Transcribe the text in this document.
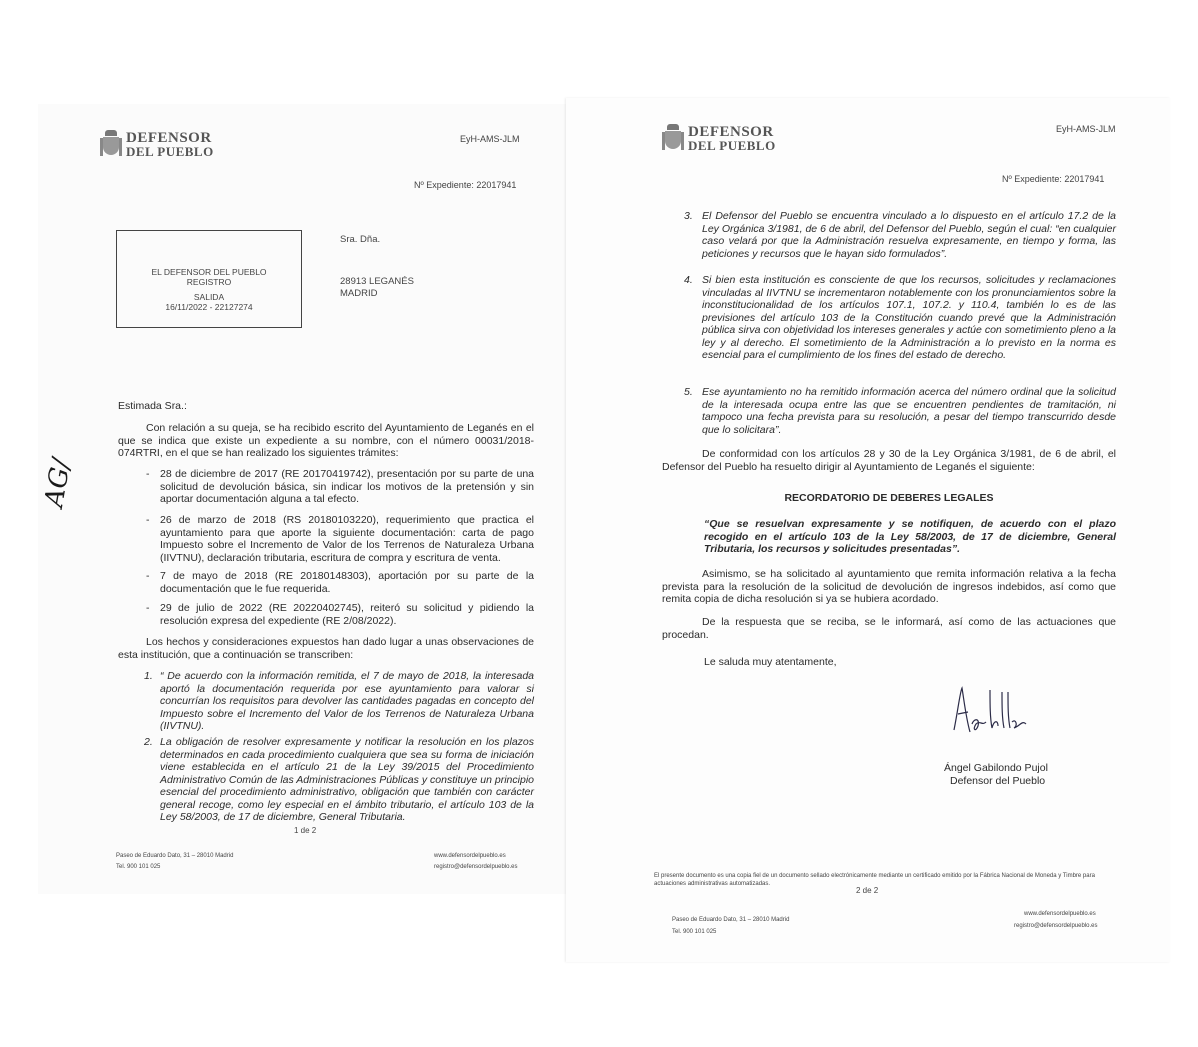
DEFENSOR
DEL PUEBLO
EyH-AMS-JLM
Nº Expediente: 22017941
EL DEFENSOR DEL PUEBLO
REGISTRO
SALIDA
16/11/2022 - 22127274
Sra. Dña.
28913 LEGANÉS
MADRID
AG/
Estimada Sra.:
Con relación a su queja, se ha recibido escrito del Ayuntamiento de Leganés en el que se indica que existe un expediente a su nombre, con el número 00031/2018-074RTRI, en el que se han realizado los siguientes trámites:
- 28 de diciembre de 2017 (RE 20170419742), presentación por su parte de una solicitud de devolución básica, sin indicar los motivos de la pretensión y sin aportar documentación alguna a tal efecto.
- 26 de marzo de 2018 (RS 20180103220), requerimiento que practica el ayuntamiento para que aporte la siguiente documentación: carta de pago Impuesto sobre el Incremento de Valor de los Terrenos de Naturaleza Urbana (IIVTNU), declaración tributaria, escritura de compra y escritura de venta.
- 7 de mayo de 2018 (RE 20180148303), aportación por su parte de la documentación que le fue requerida.
- 29 de julio de 2022 (RE 20220402745), reiteró su solicitud y pidiendo la resolución expresa del expediente (RE 2/08/2022).
Los hechos y consideraciones expuestos han dado lugar a unas observaciones de esta institución, que a continuación se transcriben:
1. “ De acuerdo con la información remitida, el 7 de mayo de 2018, la interesada aportó la documentación requerida por ese ayuntamiento para valorar si concurrían los requisitos para devolver las cantidades pagadas en concepto del Impuesto sobre el Incremento del Valor de los Terrenos de Naturaleza Urbana (IIVTNU).
2. La obligación de resolver expresamente y notificar la resolución en los plazos determinados en cada procedimiento cualquiera que sea su forma de iniciación viene establecida en el artículo 21 de la Ley 39/2015 del Procedimiento Administrativo Común de las Administraciones Públicas y constituye un principio esencial del procedimiento administrativo, obligación que también con carácter general recoge, como ley especial en el ámbito tributario, el artículo 103 de la Ley 58/2003, de 17 de diciembre, General Tributaria.
1 de 2
Paseo de Eduardo Dato, 31 – 28010 Madrid
Tel. 900 101 025
www.defensordelpueblo.es
registro@defensordelpueblo.es
DEFENSOR
DEL PUEBLO
EyH-AMS-JLM
Nº Expediente: 22017941
3. El Defensor del Pueblo se encuentra vinculado a lo dispuesto en el artículo 17.2 de la Ley Orgánica 3/1981, de 6 de abril, del Defensor del Pueblo, según el cual: “en cualquier caso velará por que la Administración resuelva expresamente, en tiempo y forma, las peticiones y recursos que le hayan sido formulados”.
4. Si bien esta institución es consciente de que los recursos, solicitudes y reclamaciones vinculadas al IIVTNU se incrementaron notablemente con los pronunciamientos sobre la inconstitucionalidad de los artículos 107.1, 107.2. y 110.4, también lo es de las previsiones del artículo 103 de la Constitución cuando prevé que la Administración pública sirva con objetividad los intereses generales y actúe con sometimiento pleno a la ley y al derecho. El sometimiento de la Administración a lo previsto en la norma es esencial para el cumplimiento de los fines del estado de derecho.
5. Ese ayuntamiento no ha remitido información acerca del número ordinal que la solicitud de la interesada ocupa entre las que se encuentren pendientes de tramitación, ni tampoco una fecha prevista para su resolución, a pesar del tiempo transcurrido desde que lo solicitara”.
De conformidad con los artículos 28 y 30 de la Ley Orgánica 3/1981, de 6 de abril, el Defensor del Pueblo ha resuelto dirigir al Ayuntamiento de Leganés el siguiente:
RECORDATORIO DE DEBERES LEGALES
“Que se resuelvan expresamente y se notifiquen, de acuerdo con el plazo recogido en el artículo 103 de la Ley 58/2003, de 17 de diciembre, General Tributaria, los recursos y solicitudes presentadas”.
Asimismo, se ha solicitado al ayuntamiento que remita información relativa a la fecha prevista para la resolución de la solicitud de devolución de ingresos indebidos, así como que remita copia de dicha resolución si ya se hubiera acordado.
De la respuesta que se reciba, se le informará, así como de las actuaciones que procedan.
Le saluda muy atentamente,
Ángel Gabilondo Pujol
Defensor del Pueblo
El presente documento es una copia fiel de un documento sellado electrónicamente mediante un certificado emitido por la Fábrica Nacional de Moneda y Timbre para actuaciones administrativas automatizadas.
2 de 2
Paseo de Eduardo Dato, 31 – 28010 Madrid
Tel. 900 101 025
www.defensordelpueblo.es
registro@defensordelpueblo.es
